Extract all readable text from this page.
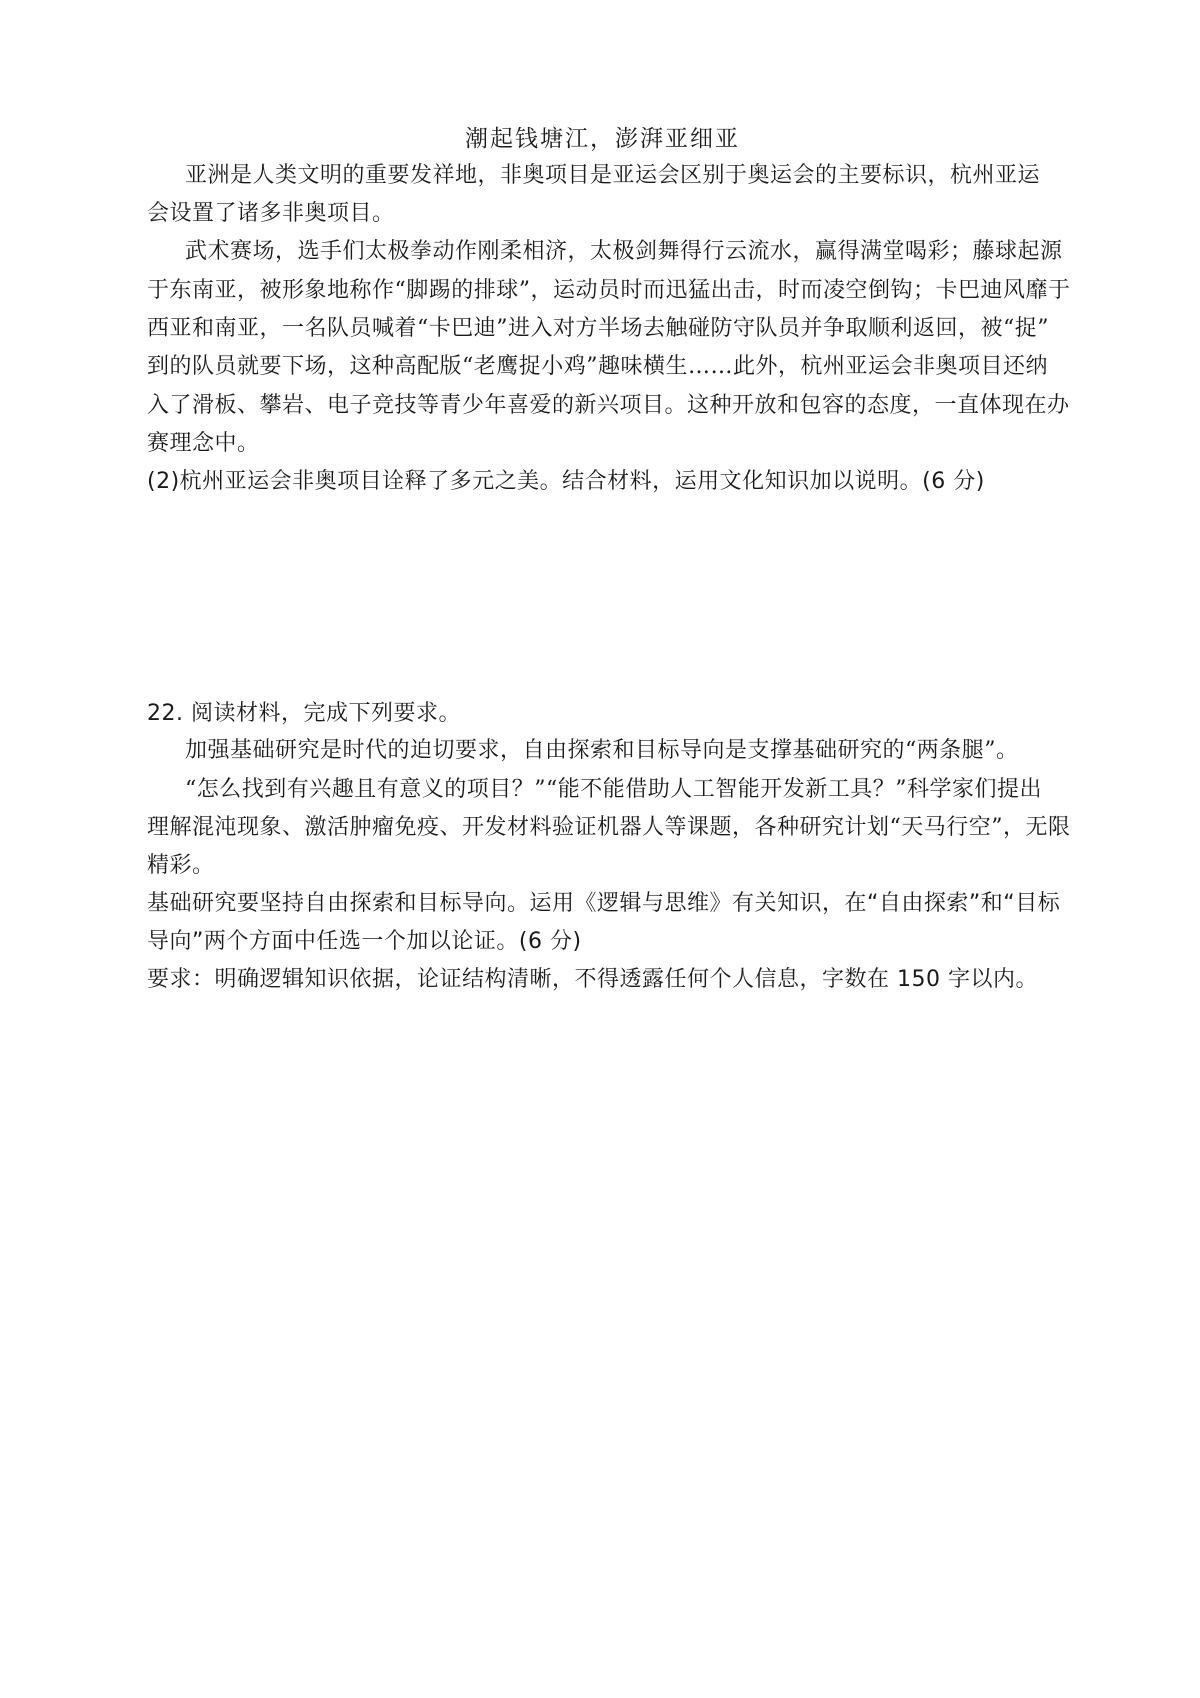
潮起钱塘江，澎湃亚细亚
亚洲是人类文明的重要发祥地，非奥项目是亚运会区别于奥运会的主要标识，杭州亚运
会设置了诸多非奥项目。
武术赛场，选手们太极拳动作刚柔相济，太极剑舞得行云流水，赢得满堂喝彩；藤球起源
于东南亚，被形象地称作“脚踢的排球”，运动员时而迅猛出击，时而凌空倒钩；卡巴迪风靡于
西亚和南亚，一名队员喊着“卡巴迪”进入对方半场去触碰防守队员并争取顺利返回，被“捉”
到的队员就要下场，这种高配版“老鹰捉小鸡”趣味横生……此外，杭州亚运会非奥项目还纳
入了滑板、攀岩、电子竞技等青少年喜爱的新兴项目。这种开放和包容的态度，一直体现在办
赛理念中。
(2)杭州亚运会非奥项目诠释了多元之美。结合材料，运用文化知识加以说明。(6 分)
22. 阅读材料，完成下列要求。
加强基础研究是时代的迫切要求，自由探索和目标导向是支撑基础研究的“两条腿”。
“怎么找到有兴趣且有意义的项目？”“能不能借助人工智能开发新工具？”科学家们提出
理解混沌现象、激活肿瘤免疫、开发材料验证机器人等课题，各种研究计划“天马行空”，无限
精彩。
基础研究要坚持自由探索和目标导向。运用《逻辑与思维》有关知识，在“自由探索”和“目标
导向”两个方面中任选一个加以论证。(6 分)
要求：明确逻辑知识依据，论证结构清晰，不得透露任何个人信息，字数在 150 字以内。
